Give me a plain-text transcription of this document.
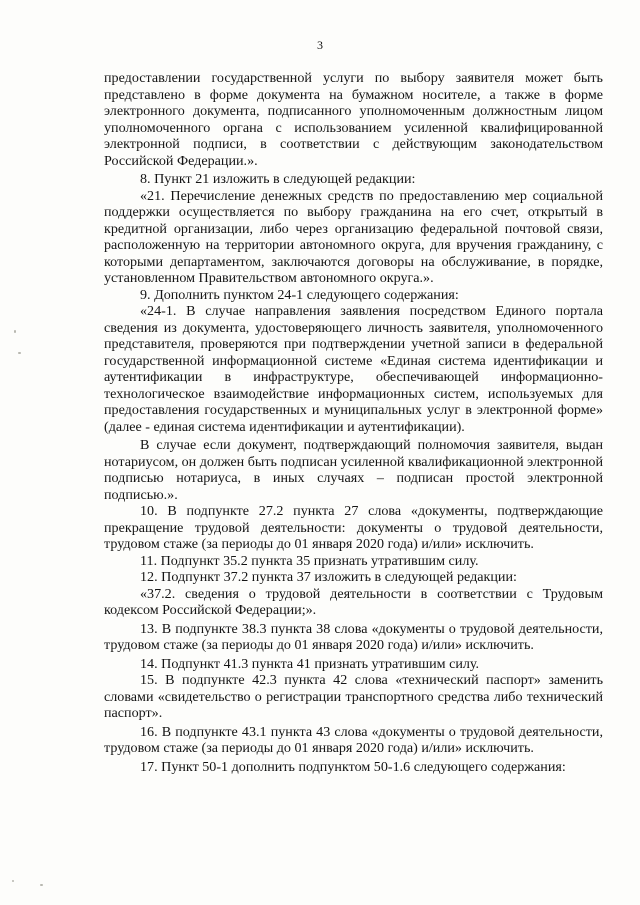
3

предоставлении государственной услуги по выбору заявителя может быть представлено в форме документа на бумажном носителе, а также в форме электронного документа, подписанного уполномоченным должностным лицом уполномоченного органа с использованием усиленной квалифицированной электронной подписи, в соответствии с действующим законодательством Российской Федерации.».

8. Пункт 21 изложить в следующей редакции:

«21. Перечисление денежных средств по предоставлению мер социальной поддержки осуществляется по выбору гражданина на его счет, открытый в кредитной организации, либо через организацию федеральной почтовой связи, расположенную на территории автономного округа, для вручения гражданину, с которыми департаментом, заключаются договоры на обслуживание, в порядке, установленном Правительством автономного округа.».

9. Дополнить пунктом 24-1 следующего содержания:

«24-1. В случае направления заявления посредством Единого портала сведения из документа, удостоверяющего личность заявителя, уполномоченного представителя, проверяются при подтверждении учетной записи в федеральной государственной информационной системе «Единая система идентификации и аутентификации в инфраструктуре, обеспечивающей информационно-технологическое взаимодействие информационных систем, используемых для предоставления государственных и муниципальных услуг в электронной форме» (далее - единая система идентификации и аутентификации).

В случае если документ, подтверждающий полномочия заявителя, выдан нотариусом, он должен быть подписан усиленной квалификационной электронной подписью нотариуса, в иных случаях – подписан простой электронной подписью.».

10. В подпункте 27.2 пункта 27 слова «документы, подтверждающие прекращение трудовой деятельности: документы о трудовой деятельности, трудовом стаже (за периоды до 01 января 2020 года) и/или» исключить.

11. Подпункт 35.2 пункта 35 признать утратившим силу.

12. Подпункт 37.2 пункта 37 изложить в следующей редакции:

«37.2. сведения о трудовой деятельности в соответствии с Трудовым кодексом Российской Федерации;».

13. В подпункте 38.3 пункта 38 слова «документы о трудовой деятельности, трудовом стаже (за периоды до 01 января 2020 года) и/или» исключить.

14. Подпункт 41.3 пункта 41 признать утратившим силу.

15. В подпункте 42.3 пункта 42 слова «технический паспорт» заменить словами «свидетельство о регистрации транспортного средства либо технический паспорт».

16. В подпункте 43.1 пункта 43 слова «документы о трудовой деятельности, трудовом стаже (за периоды до 01 января 2020 года) и/или» исключить.

17. Пункт 50-1 дополнить подпунктом 50-1.6 следующего содержания:
